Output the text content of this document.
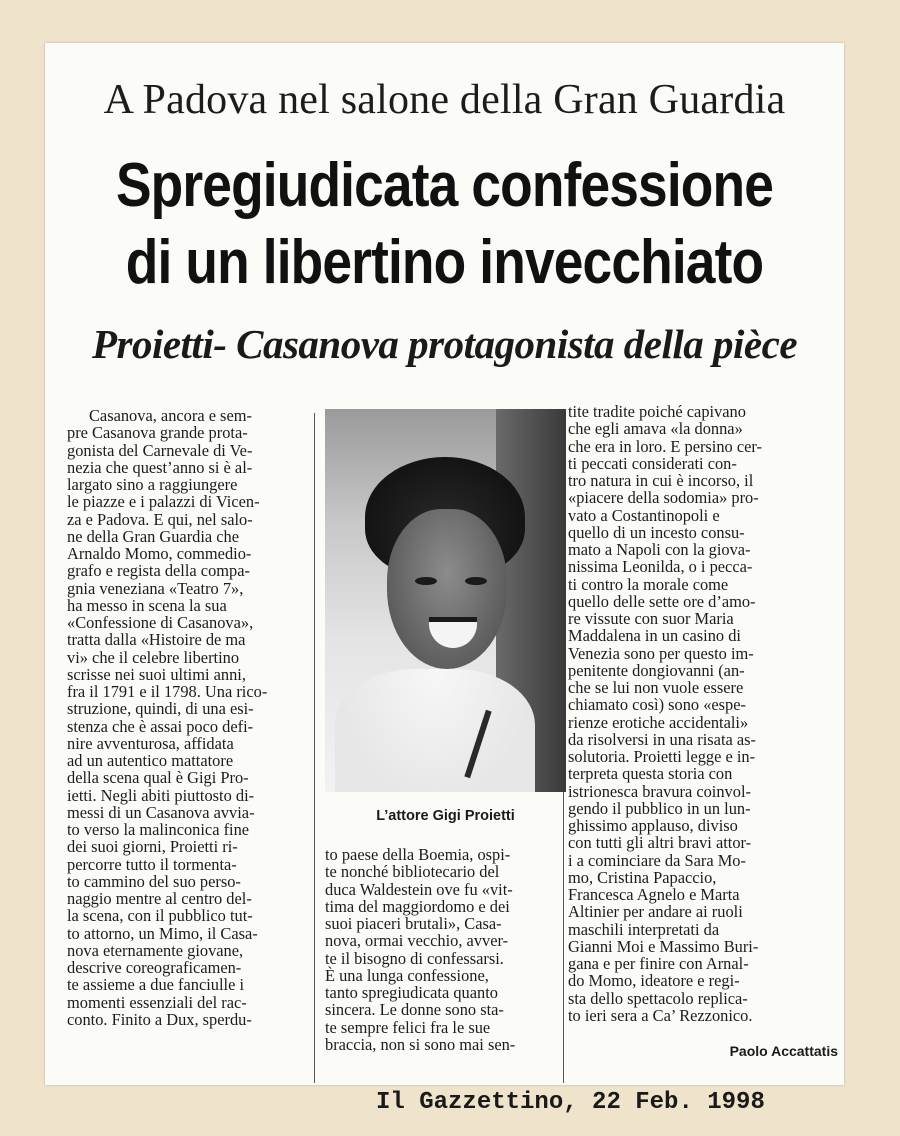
A Padova nel salone della Gran Guardia
Spregiudicata confessione
di un libertino invecchiato
Proietti- Casanova protagonista della pièce
Casanova, ancora e sem-
pre Casanova grande prota-
gonista del Carnevale di Ve-
nezia che quest’anno si è al-
largato sino a raggiungere
le piazze e i palazzi di Vicen-
za e Padova. E qui, nel salo-
ne della Gran Guardia che
Arnaldo Momo, commedio-
grafo e regista della compa-
gnia veneziana «Teatro 7»,
ha messo in scena la sua
«Confessione di Casanova»,
tratta dalla «Histoire de ma
vi» che il celebre libertino
scrisse nei suoi ultimi anni,
fra il 1791 e il 1798. Una rico-
struzione, quindi, di una esi-
stenza che è assai poco defi-
nire avventurosa, affidata
ad un autentico mattatore
della scena qual è Gigi Pro-
ietti. Negli abiti piuttosto di-
messi di un Casanova avvia-
to verso la malinconica fine
dei suoi giorni, Proietti ri-
percorre tutto il tormenta-
to cammino del suo perso-
naggio mentre al centro del-
la scena, con il pubblico tut-
to attorno, un Mimo, il Casa-
nova eternamente giovane,
descrive coreograficamen-
te assieme a due fanciulle i
momenti essenziali del rac-
conto. Finito a Dux, sperdu-
L’attore Gigi Proietti
to paese della Boemia, ospi-
te nonché bibliotecario del
duca Waldestein ove fu «vit-
tima del maggiordomo e dei
suoi piaceri brutali», Casa-
nova, ormai vecchio, avver-
te il bisogno di confessarsi.
È una lunga confessione,
tanto spregiudicata quanto
sincera. Le donne sono sta-
te sempre felici fra le sue
braccia, non si sono mai sen-
tite tradite poiché capivano
che egli amava «la donna»
che era in loro. E persino cer-
ti peccati considerati con-
tro natura in cui è incorso, il
«piacere della sodomia» pro-
vato a Costantinopoli e
quello di un incesto consu-
mato a Napoli con la giova-
nissima Leonilda, o i pecca-
ti contro la morale come
quello delle sette ore d’amo-
re vissute con suor Maria
Maddalena in un casino di
Venezia sono per questo im-
penitente dongiovanni (an-
che se lui non vuole essere
chiamato così) sono «espe-
rienze erotiche accidentali»
da risolversi in una risata as-
solutoria. Proietti legge e in-
terpreta questa storia con
istrionesca bravura coinvol-
gendo il pubblico in un lun-
ghissimo applauso, diviso
con tutti gli altri bravi attor-
i a cominciare da Sara Mo-
mo, Cristina Papaccio,
Francesca Agnelo e Marta
Altinier per andare ai ruoli
maschili interpretati da
Gianni Moi e Massimo Buri-
gana e per finire con Arnal-
do Momo, ideatore e regi-
sta dello spettacolo replica-
to ieri sera a Ca’ Rezzonico.
Paolo Accattatis
Il Gazzettino, 22 Feb. 1998
